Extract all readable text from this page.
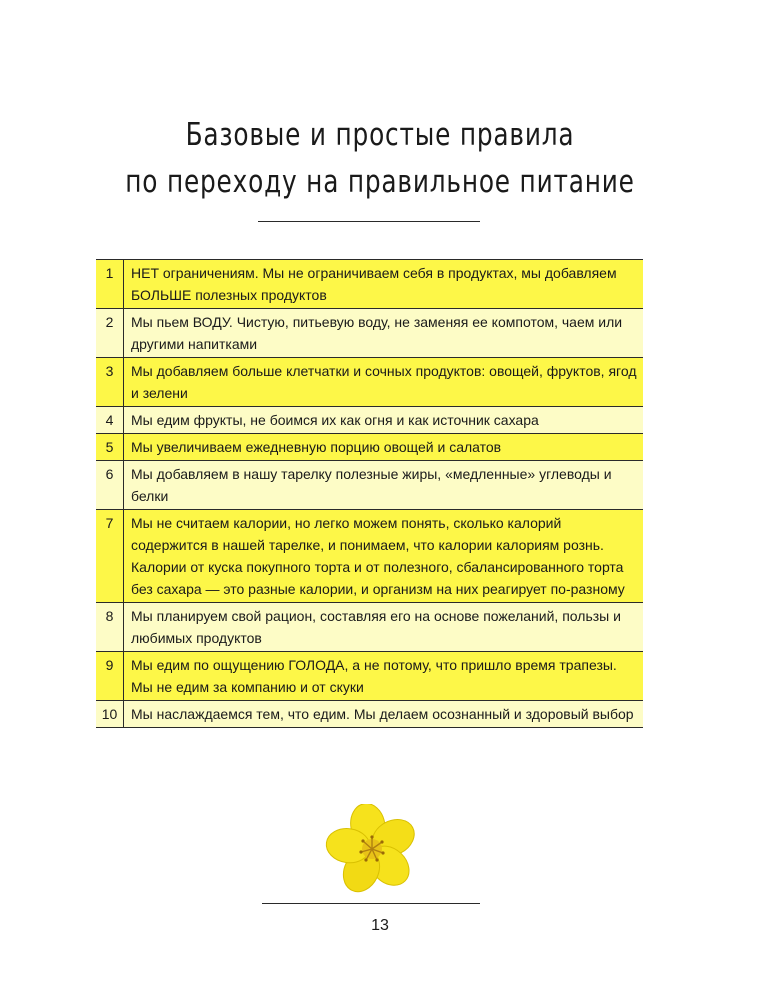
Базовые и простые правила
по переходу на правильное питание
1	НЕТ ограничениям. Мы не ограничиваем себя в продуктах, мы добавляем БОЛЬШЕ полезных продуктов
2	Мы пьем ВОДУ. Чистую, питьевую воду, не заменяя ее компотом, чаем или другими напитками
3	Мы добавляем больше клетчатки и сочных продуктов: овощей, фруктов, ягод и зелени
4	Мы едим фрукты, не боимся их как огня и как источник сахара
5	Мы увеличиваем ежедневную порцию овощей и салатов
6	Мы добавляем в нашу тарелку полезные жиры, «медленные» углеводы и белки
7	Мы не считаем калории, но легко можем понять, сколько калорий содержится в нашей тарелке, и понимаем, что калории калориям рознь. Калории от куска покупного торта и от полезного, сбалансированного торта без сахара — это разные калории, и организм на них реагирует по-разному
8	Мы планируем свой рацион, составляя его на основе пожеланий, пользы и любимых продуктов
9	Мы едим по ощущению ГОЛОДА, а не потому, что пришло время трапезы. Мы не едим за компанию и от скуки
10	Мы наслаждаемся тем, что едим. Мы делаем осознанный и здоровый выбор
13
